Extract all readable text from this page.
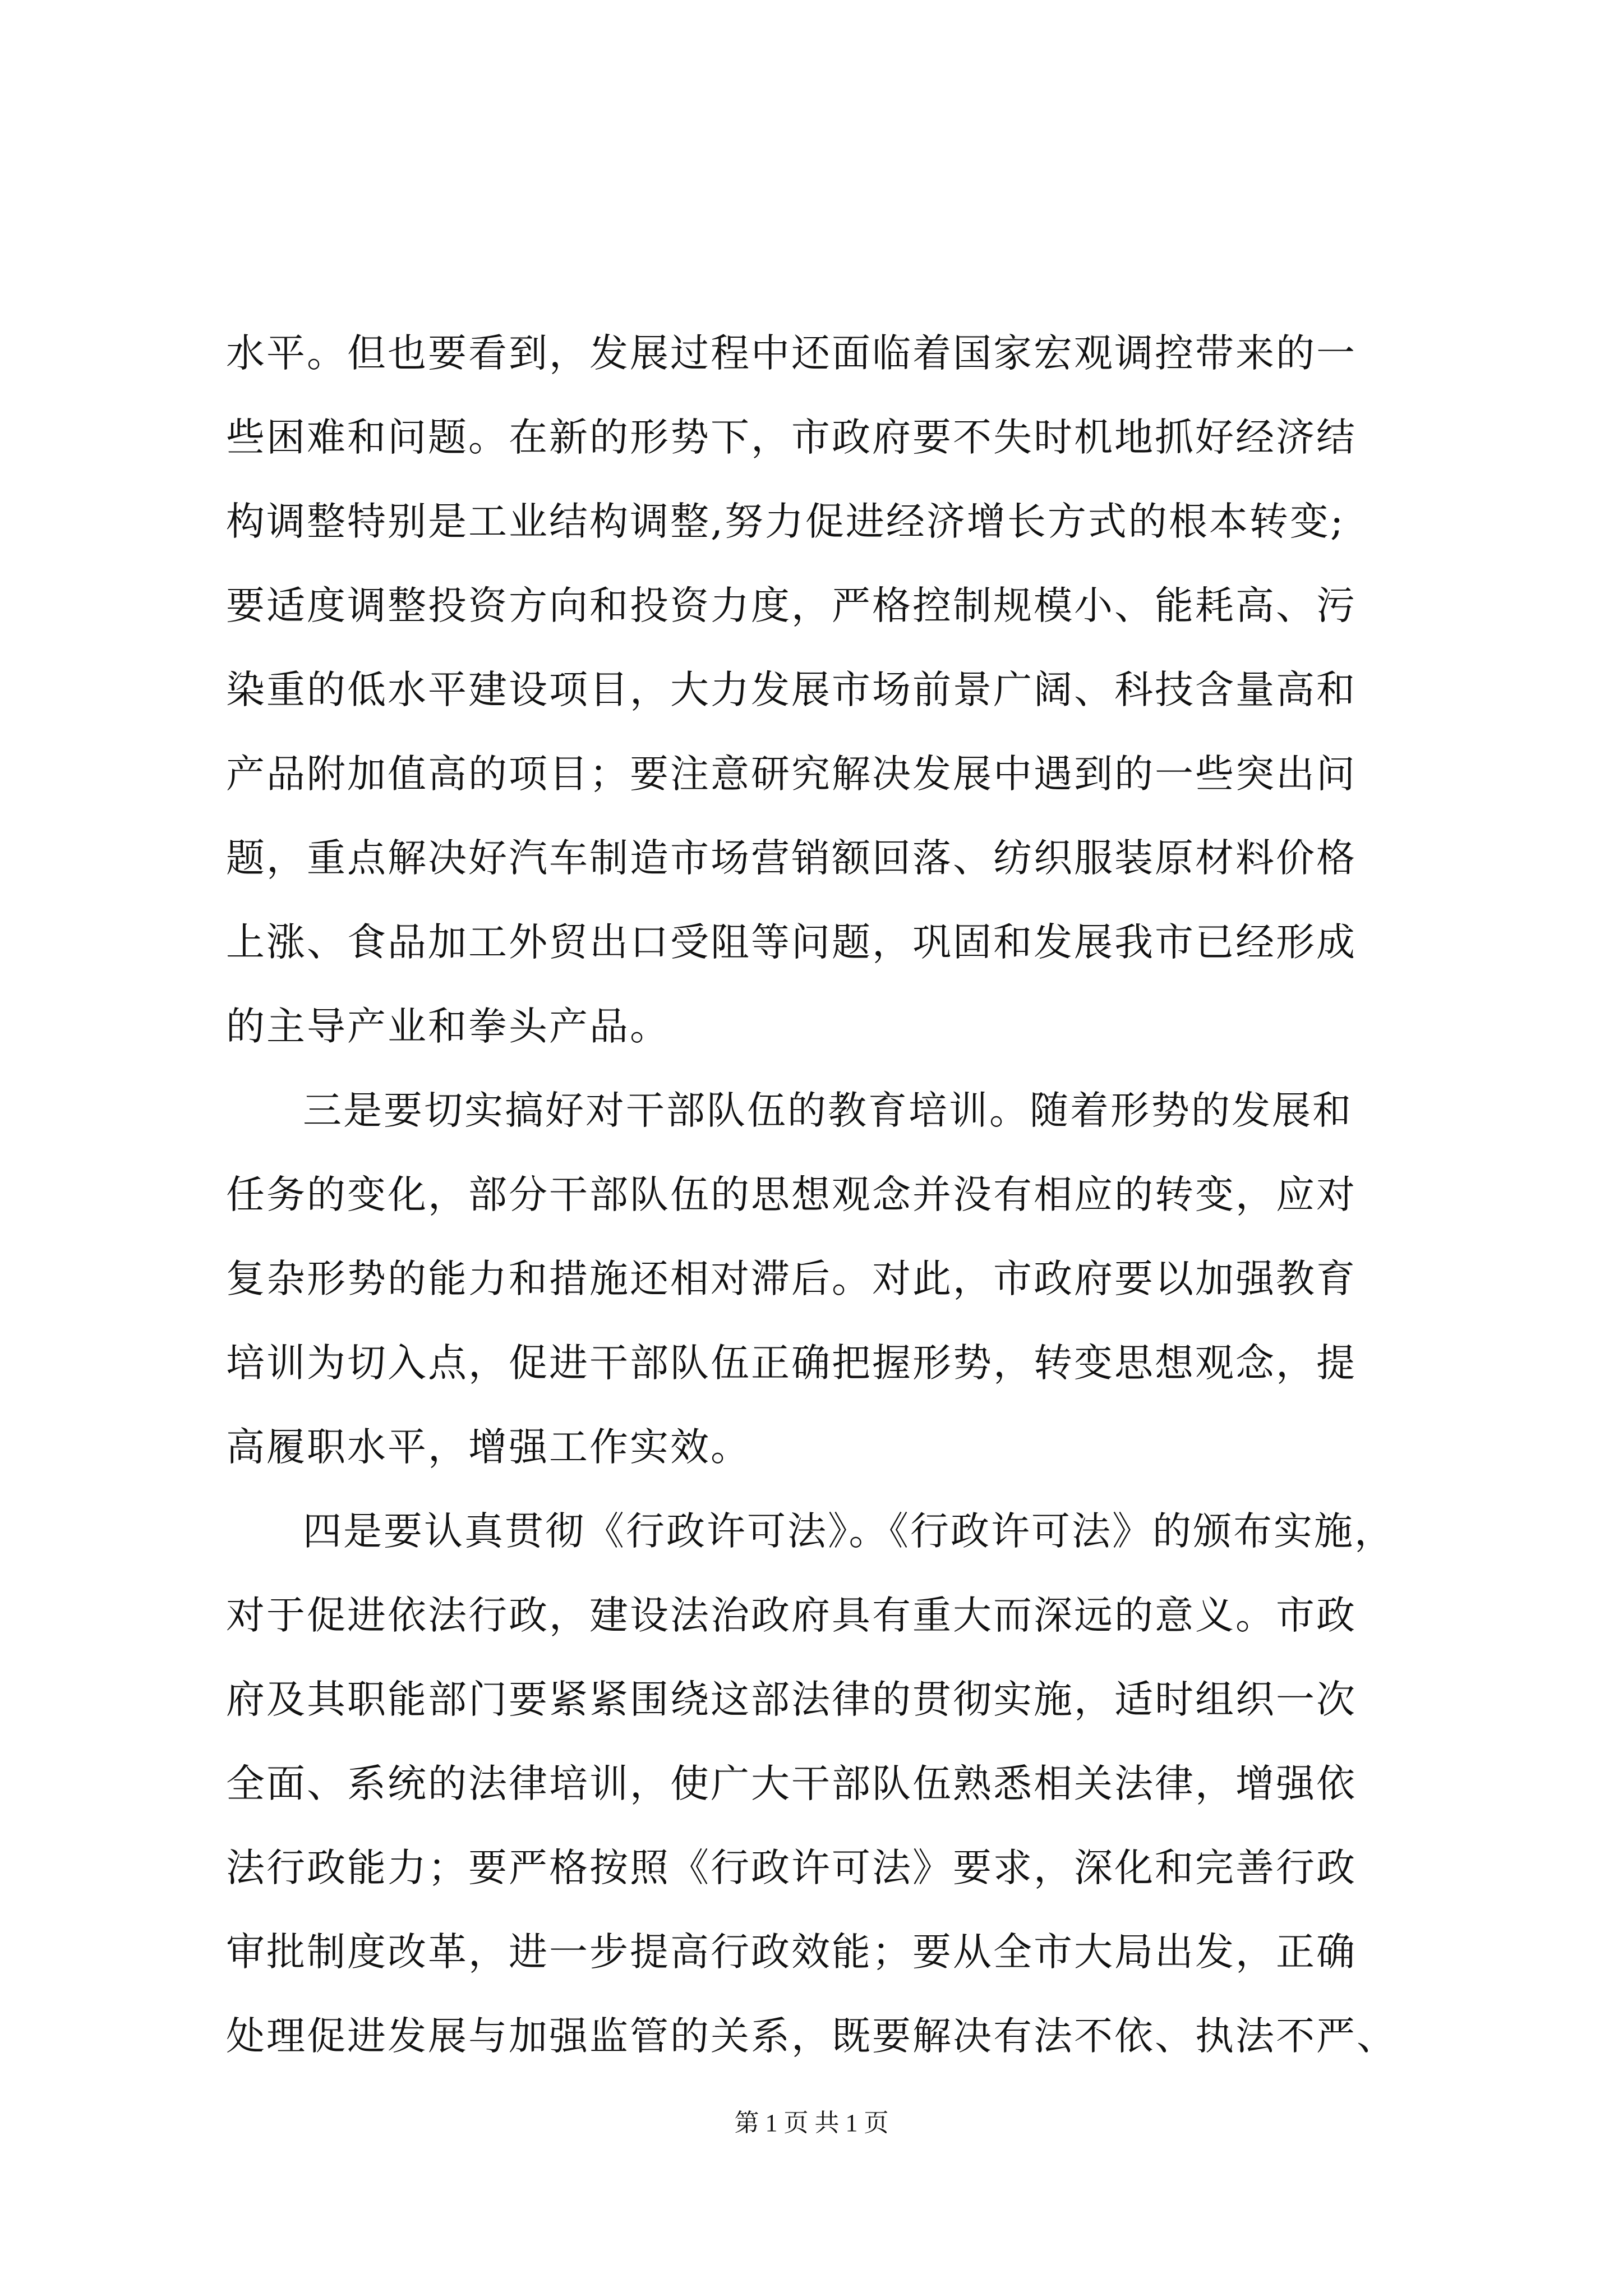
水平。但也要看到，发展过程中还面临着国家宏观调控带来的一
些困难和问题。在新的形势下，市政府要不失时机地抓好经济结
构调整特别是工业结构调整,努力促进经济增长方式的根本转变;
要适度调整投资方向和投资力度，严格控制规模小、能耗高、污
染重的低水平建设项目，大力发展市场前景广阔、科技含量高和
产品附加值高的项目；要注意研究解决发展中遇到的一些突出问
题，重点解决好汽车制造市场营销额回落、纺织服装原材料价格
上涨、食品加工外贸出口受阻等问题，巩固和发展我市已经形成
的主导产业和拳头产品。
三是要切实搞好对干部队伍的教育培训。随着形势的发展和
任务的变化，部分干部队伍的思想观念并没有相应的转变，应对
复杂形势的能力和措施还相对滞后。对此，市政府要以加强教育
培训为切入点，促进干部队伍正确把握形势，转变思想观念，提
高履职水平，增强工作实效。
四是要认真贯彻《行政许可法》。《行政许可法》的颁布实施，
对于促进依法行政，建设法治政府具有重大而深远的意义。市政
府及其职能部门要紧紧围绕这部法律的贯彻实施，适时组织一次
全面、系统的法律培训，使广大干部队伍熟悉相关法律，增强依
法行政能力；要严格按照《行政许可法》要求，深化和完善行政
审批制度改革，进一步提高行政效能；要从全市大局出发，正确
处理促进发展与加强监管的关系，既要解决有法不依、执法不严、
第 1 页 共 1 页
